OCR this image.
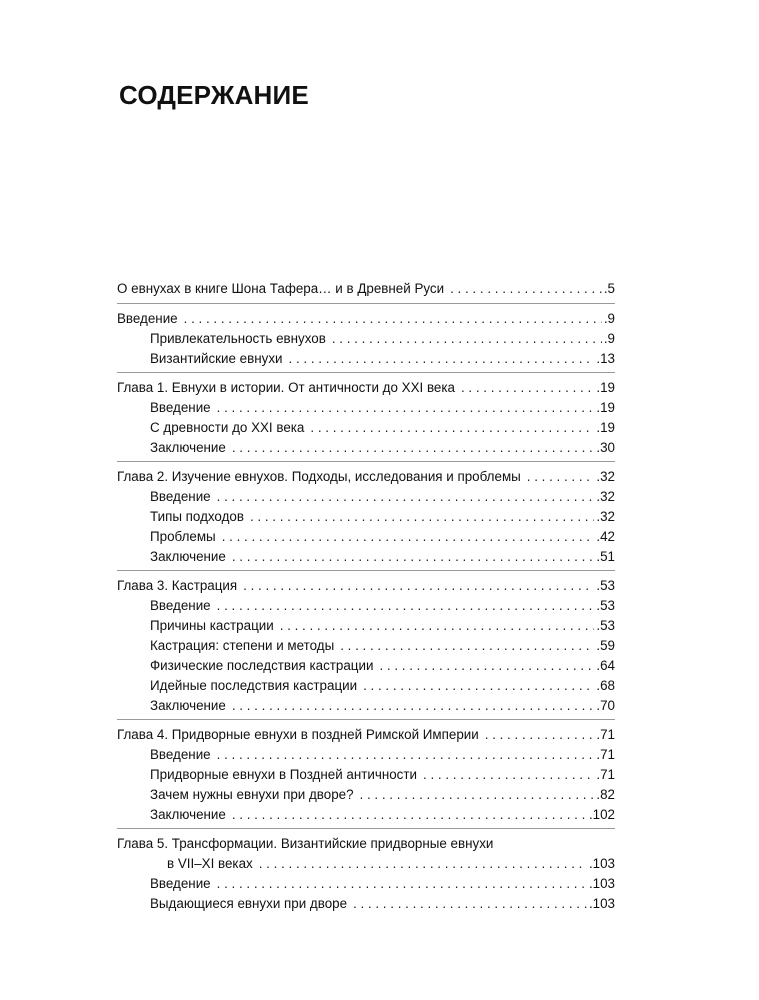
СОДЕРЖАНИЕ
О евнухах в книге Шона Тафера… и в Древней Руси . . .	.5
Введение . . .	.9
Привлекательность евнухов . . .	.9
Византийские евнухи . . .	.13
Глава 1. Евнухи в истории. От античности до XXI века . . .	.19
Введение . . .	.19
С древности до XXI века . . .	.19
Заключение . . .	.30
Глава 2. Изучение евнухов. Подходы, исследования и проблемы . . .	.32
Введение . . .	.32
Типы подходов . . .	.32
Проблемы . . .	.42
Заключение . . .	.51
Глава 3. Кастрация . . .	.53
Введение . . .	.53
Причины кастрации . . .	.53
Кастрация: степени и методы . . .	.59
Физические последствия кастрации . . .	.64
Идейные последствия кастрации . . .	.68
Заключение . . .	.70
Глава 4. Придворные евнухи в поздней Римской Империи . . .	.71
Введение . . .	.71
Придворные евнухи в Поздней античности . . .	.71
Зачем нужны евнухи при дворе? . . .	.82
Заключение . . .	.102
Глава 5. Трансформации. Византийские придворные евнухи
в VII–XI веках . . .	.103
Введение . . .	.103
Выдающиеся евнухи при дворе . . .	.103
